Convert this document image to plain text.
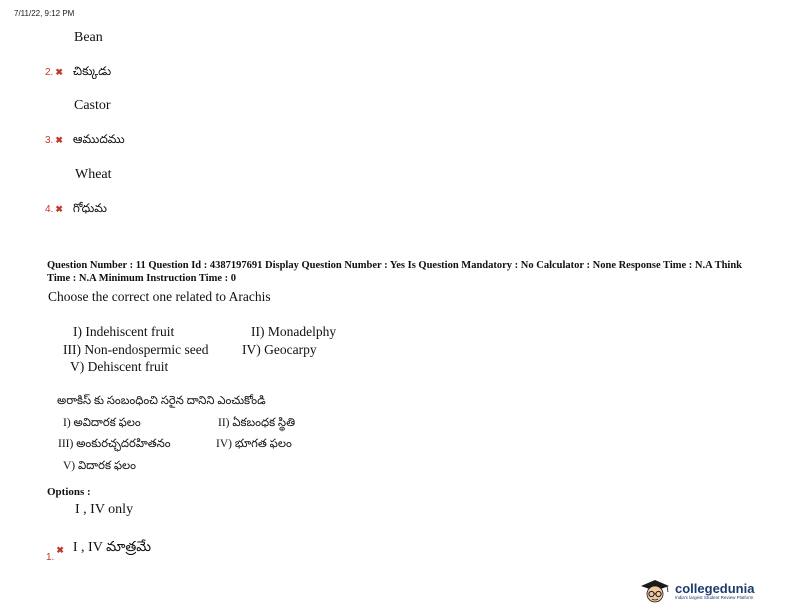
7/11/22, 9:12 PM
Bean
2. ✖ చిక్కుడు
Castor
3. ✖ ఆముదము
Wheat
4. ✖ గోధుమ
Question Number : 11 Question Id : 4387197691 Display Question Number : Yes Is Question Mandatory : No Calculator : None Response Time : N.A Think Time : N.A Minimum Instruction Time : 0
Choose the correct one related to Arachis
I) Indehiscent fruit	II) Monadelphy
III) Non-endospermic seed IV) Geocarpy
V) Dehiscent fruit
అరాకిస్ కు సంబంధించి సరైన దానిని ఎంచుకోండి
I) అవిదారక ఫలం	II) ఏకబంధక స్థితి
III) అంకురచ్ఛదరహితనం	IV) భూగత ఫలం
V) విదారక ఫలం
Options :
I , IV only
$_{1.}$✖ I , IV మాత్రమే
collegedunia
India's largest Student Review Platform
